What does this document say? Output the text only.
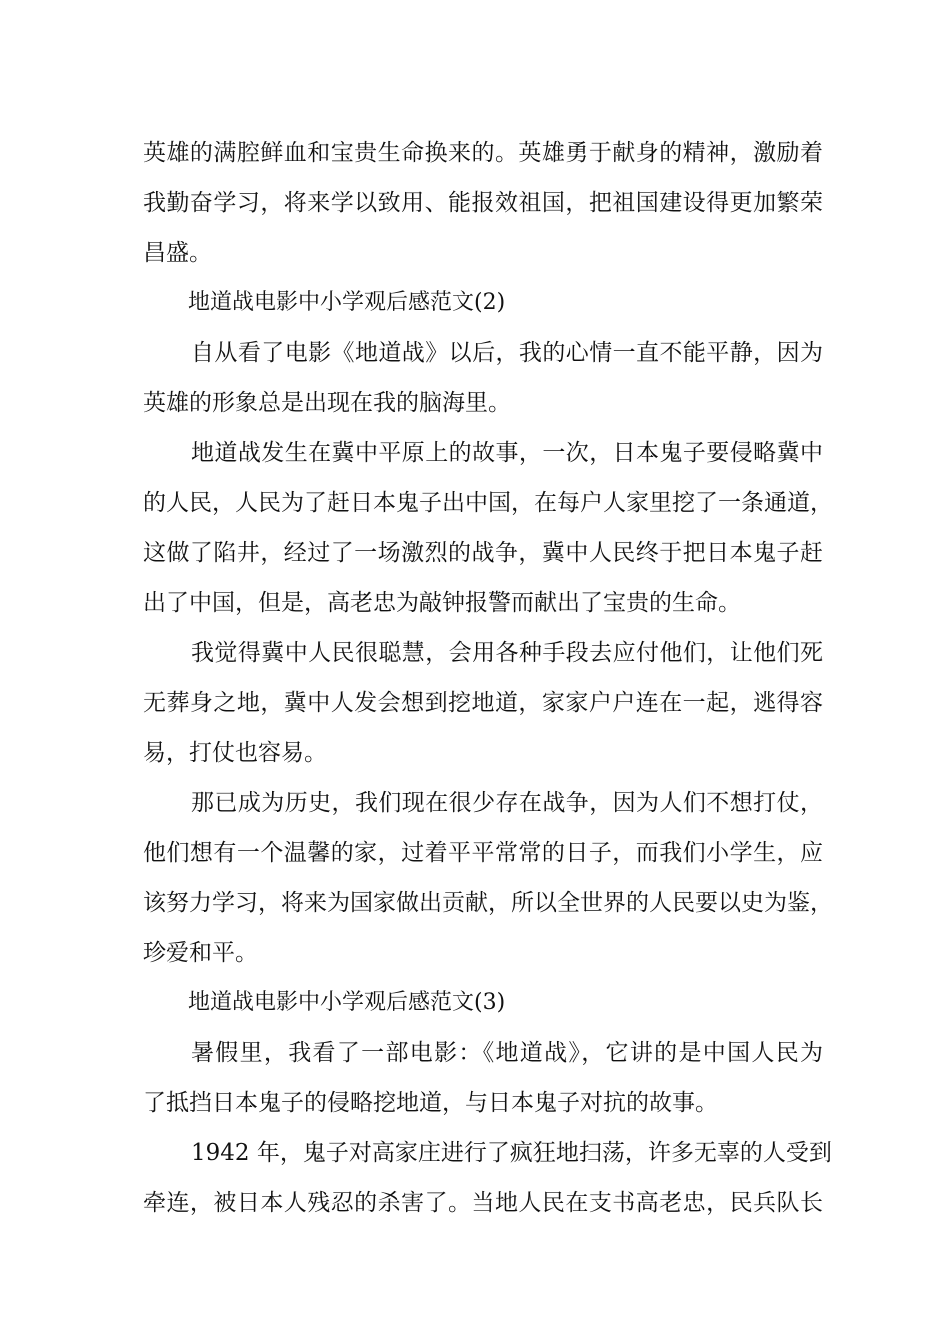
英雄的满腔鲜血和宝贵生命换来的。英雄勇于献身的精神，激励着
我勤奋学习，将来学以致用、能报效祖国，把祖国建设得更加繁荣
昌盛。
地道战电影中小学观后感范文(2)
自从看了电影《地道战》以后，我的心情一直不能平静，因为
英雄的形象总是出现在我的脑海里。
地道战发生在冀中平原上的故事，一次，日本鬼子要侵略冀中
的人民，人民为了赶日本鬼子出中国，在每户人家里挖了一条通道，
这做了陷井，经过了一场激烈的战争，冀中人民终于把日本鬼子赶
出了中国，但是，高老忠为敲钟报警而献出了宝贵的生命。
我觉得冀中人民很聪慧，会用各种手段去应付他们，让他们死
无葬身之地，冀中人发会想到挖地道，家家户户连在一起，逃得容
易，打仗也容易。
那已成为历史，我们现在很少存在战争，因为人们不想打仗，
他们想有一个温馨的家，过着平平常常的日子，而我们小学生，应
该努力学习，将来为国家做出贡献，所以全世界的人民要以史为鉴，
珍爱和平。
地道战电影中小学观后感范文(3)
暑假里，我看了一部电影：《地道战》，它讲的是中国人民为
了抵挡日本鬼子的侵略挖地道，与日本鬼子对抗的故事。
1942 年，鬼子对高家庄进行了疯狂地扫荡，许多无辜的人受到
牵连，被日本人残忍的杀害了。当地人民在支书高老忠，民兵队长
